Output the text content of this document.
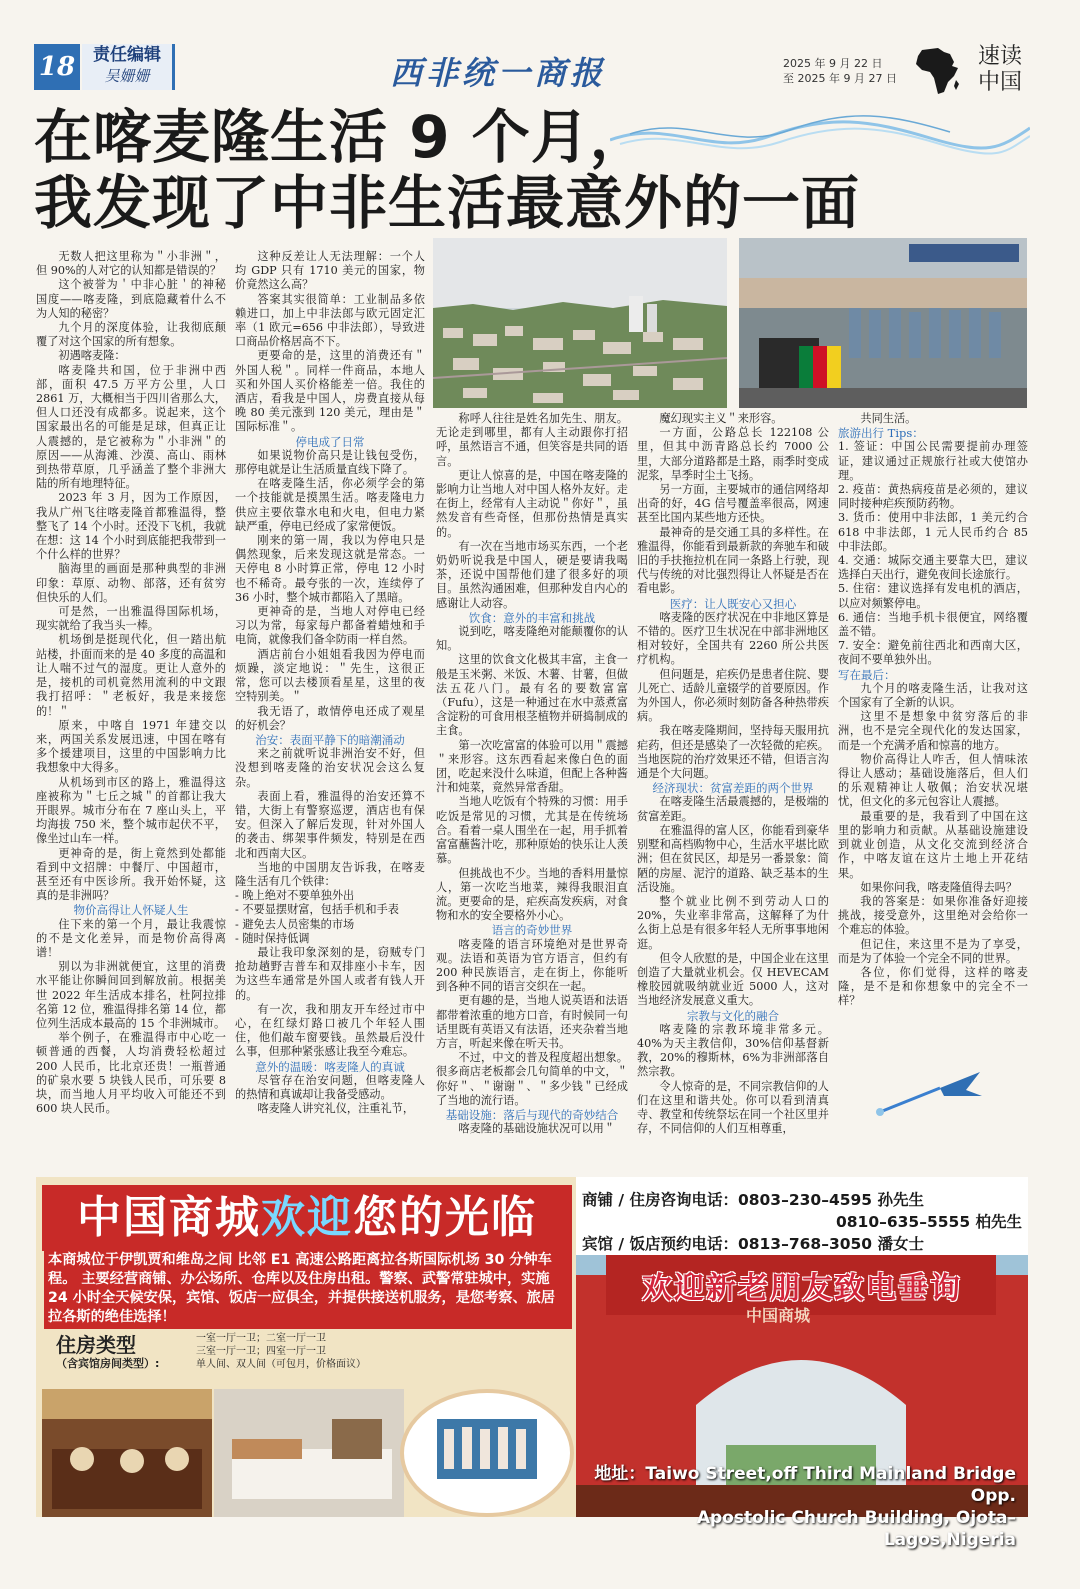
18	责任编辑
吴姗姗	西非统一商报	2025 年 9 月 22 日
至 2025 年 9 月 27 日
速读
中国
在喀麦隆生活 9 个月，
我发现了中非生活最意外的一面

无数人把这里称为＂小非洲＂，但 90%的人对它的认知都是错误的？

这个被誉为＇中非心脏＇的神秘国度——喀麦隆，到底隐藏着什么不为人知的秘密？

九个月的深度体验，让我彻底颠覆了对这个国家的所有想象。

初遇喀麦隆：

喀麦隆共和国，位于非洲中西部，面积 47.5 万平方公里，人口 2861 万，大概相当于四川省那么大，但人口还没有成都多。说起来，这个国家最出名的可能是足球，但真正让人震撼的，是它被称为＂小非洲＂的原因——从海滩、沙漠、高山、雨林到热带草原，几乎涵盖了整个非洲大陆的所有地理特征。

2023 年 3 月，因为工作原因，我从广州飞往喀麦隆首都雅温得，整整飞了 14 个小时。还没下飞机，我就在想：这 14 个小时到底能把我带到一个什么样的世界？

脑海里的画面是那种典型的非洲印象：草原、动物、部落，还有贫穷但快乐的人们。

可是然，一出雅温得国际机场，现实就给了我当头一棒。

机场倒是挺现代化，但一踏出航站楼，扑面而来的是 40 多度的高温和让人喘不过气的湿度。更让人意外的是，接机的司机竟然用流利的中文跟我打招呼：＂老板好，我是来接您的！＂

原来，中喀自 1971 年建交以来，两国关系发展迅速，中国在喀有多个援建项目，这里的中国影响力比我想象中大得多。

从机场到市区的路上，雅温得这座被称为＂七丘之城＂的首都让我大开眼界。城市分布在 7 座山头上，平均海拔 750 米，整个城市起伏不平，像坐过山车一样。

更神奇的是，街上竟然到处都能看到中文招牌：中餐厅、中国超市，甚至还有中医诊所。我开始怀疑，这真的是非洲吗？

物价高得让人怀疑人生

住下来的第一个月，最让我震惊的不是文化差异，而是物价高得离谱！

别以为非洲就便宜，这里的消费水平能让你瞬间回到解放前。根据美世 2022 年生活成本排名，杜阿拉排名第 12 位，雅温得排名第 14 位，都位列生活成本最高的 15 个非洲城市。

举个例子，在雅温得市中心吃一顿普通的西餐，人均消费轻松超过 200 人民币，比北京还贵！一瓶普通的矿泉水要 5 块钱人民币，可乐要 8 块，而当地人月平均收入可能还不到 600 块人民币。

这种反差让人无法理解：一个人均 GDP 只有 1710 美元的国家，物价竟然这么高？

答案其实很简单：工业制品多依赖进口，加上中非法郎与欧元固定汇率（1 欧元=656 中非法郎），导致进口商品价格居高不下。

更要命的是，这里的消费还有＂外国人税＂。同样一件商品，本地人买和外国人买价格能差一倍。我住的酒店，看我是中国人，房费直接从每晚 80 美元涨到 120 美元，理由是＂国际标准＂。

停电成了日常

如果说物价高只是让钱包受伤，那停电就是让生活质量直线下降了。

在喀麦隆生活，你必须学会的第一个技能就是摸黑生活。喀麦隆电力供应主要依靠水电和火电，但电力紧缺严重，停电已经成了家常便饭。

刚来的第一周，我以为停电只是偶然现象，后来发现这就是常态。一天停电 8 小时算正常，停电 12 小时也不稀奇。最夸张的一次，连续停了 36 小时，整个城市都陷入了黑暗。

更神奇的是，当地人对停电已经习以为常，每家每户都备着蜡烛和手电筒，就像我们备伞防雨一样自然。

酒店前台小姐姐看我因为停电而烦躁，淡定地说：＂先生，这很正常，您可以去楼顶看星星，这里的夜空特别美。＂

我无语了，敢情停电还成了观星的好机会？

治安：表面平静下的暗潮涌动

来之前就听说非洲治安不好，但没想到喀麦隆的治安状况会这么复杂。

表面上看，雅温得的治安还算不错，大街上有警察巡逻，酒店也有保安。但深入了解后发现，针对外国人的袭击、绑架事件频发，特别是在西北和西南大区。

当地的中国朋友告诉我，在喀麦隆生活有几个铁律：

- 晚上绝对不要单独外出

- 不要显摆财富，包括手机和手表

- 避免去人员密集的市场

- 随时保持低调

最让我印象深刻的是，窃贼专门抢劫趟野吉普车和双排座小卡车，因为这些车通常是外国人或者有钱人开的。

有一次，我和朋友开车经过市中心，在红绿灯路口被几个年轻人围住，他们敲车窗要钱。虽然最后没什么事，但那种紧张感让我至今难忘。

意外的温暖：喀麦隆人的真诚

尽管存在治安问题，但喀麦隆人的热情和真诚却让我备受感动。

喀麦隆人讲究礼仪，注重礼节，

称呼人往往是姓名加先生、朋友。无论走到哪里，都有人主动跟你打招呼，虽然语言不通，但笑容是共同的语言。

更让人惊喜的是，中国在喀麦隆的影响力让当地人对中国人格外友好。走在街上，经常有人主动说＂你好＂，虽然发音有些奇怪，但那份热情是真实的。

有一次在当地市场买东西，一个老奶奶听说我是中国人，硬是要请我喝茶，还说中国帮他们建了很多好的项目。虽然沟通困难，但那种发自内心的感谢让人动容。

饮食：意外的丰富和挑战

说到吃，喀麦隆绝对能颠覆你的认知。

这里的饮食文化极其丰富，主食一般是玉米粥、米饭、木薯、甘薯，但做法五花八门。最有名的要数富富（Fufu），这是一种通过在水中蒸煮富含淀粉的可食用根茎植物并研捣制成的主食。

第一次吃富富的体验可以用＂震撼＂来形容。这东西看起来像白色的面团，吃起来没什么味道，但配上各种酱汁和炖菜，竟然异常香甜。

当地人吃饭有个特殊的习惯：用手吃饭是常见的习惯，尤其是在传统场合。看着一桌人围坐在一起，用手抓着富富蘸酱汁吃，那种原始的快乐让人羡慕。

但挑战也不少。当地的香料用量惊人，第一次吃当地菜，辣得我眼泪直流。更要命的是，疟疾高发疾病，对食物和水的安全要格外小心。

语言的奇妙世界

喀麦隆的语言环境绝对是世界奇观。法语和英语为官方语言，但约有 200 种民族语言，走在街上，你能听到各种不同的语言交织在一起。

更有趣的是，当地人说英语和法语都带着浓重的地方口音，有时候同一句话里既有英语又有法语，还夹杂着当地方言，听起来像在听天书。

不过，中文的普及程度超出想象。很多商店老板都会几句简单的中文，＂你好＂、＂谢谢＂、＂多少钱＂已经成了当地的流行语。

基础设施：落后与现代的奇妙结合

喀麦隆的基础设施状况可以用＂

魔幻现实主义＂来形容。

一方面，公路总长 122108 公里，但其中沥青路总长约 7000 公里，大部分道路都是土路，雨季时变成泥浆，旱季时尘土飞扬。

另一方面，主要城市的通信网络却出奇的好，4G 信号覆盖率很高，网速甚至比国内某些地方还快。

最神奇的是交通工具的多样性。在雅温得，你能看到最新款的奔驰车和破旧的手扶拖拉机在同一条路上行驶，现代与传统的对比强烈得让人怀疑是否在看电影。

医疗：让人既安心又担心

喀麦隆的医疗状况在中非地区算是不错的。医疗卫生状况在中部非洲地区相对较好，全国共有 2260 所公共医疗机构。

但问题是，疟疾仍是患者住院、婴儿死亡、适龄儿童辍学的首要原因。作为外国人，你必须时刻防备各种热带疾病。

我在喀麦隆期间，坚持每天服用抗疟药，但还是感染了一次轻微的疟疾。当地医院的治疗效果还不错，但语言沟通是个大问题。

经济现状：贫富差距的两个世界

在喀麦隆生活最震撼的，是极端的贫富差距。

在雅温得的富人区，你能看到豪华别墅和高档购物中心，生活水平堪比欧洲；但在贫民区，却是另一番景象：简陋的房屋、泥泞的道路、缺乏基本的生活设施。

整个就业比例不到劳动人口的 20%，失业率非常高，这解释了为什么街上总是有很多年轻人无所事事地闲逛。

但令人欣慰的是，中国企业在这里创造了大量就业机会。仅 HEVECAM 橡胶园就吸纳就业近 5000 人，这对当地经济发展意义重大。

宗教与文化的融合

喀麦隆的宗教环境非常多元。40%为天主教信仰，30%信仰基督新教，20%的穆斯林，6%为非洲部落自然宗教。

令人惊奇的是，不同宗教信仰的人们在这里和谐共处。你可以看到清真寺、教堂和传统祭坛在同一个社区里并存，不同信仰的人们互相尊重，

共同生活。

旅游出行 Tips：

1. 签证：中国公民需要提前办理签证，建议通过正规旅行社或大使馆办理。

2. 疫苗：黄热病疫苗是必须的，建议同时接种疟疾预防药物。

3. 货币：使用中非法郎，1 美元约合 618 中非法郎，1 元人民币约合 85 中非法郎。

4. 交通：城际交通主要靠大巴，建议选择白天出行，避免夜间长途旅行。

5. 住宿：建议选择有发电机的酒店，以应对频繁停电。

6. 通信：当地手机卡很便宜，网络覆盖不错。

7. 安全：避免前往西北和西南大区，夜间不要单独外出。

写在最后：

九个月的喀麦隆生活，让我对这个国家有了全新的认识。

这里不是想象中贫穷落后的非洲，也不是完全现代化的发达国家，而是一个充满矛盾和惊喜的地方。

物价高得让人咋舌，但人情味浓得让人感动；基础设施落后，但人们的乐观精神让人敬佩；治安状况堪忧，但文化的多元包容让人震撼。

最重要的是，我看到了中国在这里的影响力和贡献。从基础设施建设到就业创造，从文化交流到经济合作，中喀友谊在这片土地上开花结果。

如果你问我，喀麦隆值得去吗？

我的答案是：如果你准备好迎接挑战，接受意外，这里绝对会给你一个难忘的体验。

但记住，来这里不是为了享受，而是为了体验一个完全不同的世界。

各位，你们觉得，这样的喀麦隆，是不是和你想象中的完全不一样？

中国商城欢迎您的光临
本商城位于伊凯贾和维岛之间 比邻 E1 高速公路距离拉各斯国际机场 30 分钟车程。 主要经营商铺、办公场所、仓库以及住房出租。警察、武警常驻城中，实施 24 小时全天候安保，宾馆、饭店一应俱全，并提供接送机服务，是您考察、旅居拉各斯的绝佳选择！
住房类型
（含宾馆房间类型）:
一室一厅一卫；二室一厅一卫
三室一厅一卫；四室一厅一卫
单人间、双人间（可包月，价格面议）
商铺 / 住房咨询电话：0803–230–4595 孙先生
0810–635–5555 柏先生
宾馆 / 饭店预约电话：0813–768–3050 潘女士
欢迎新老朋友致电垂询
中国商城
地址：Taiwo Street,off Third Mainland Bridge Opp.
Apostolic Church Building, Ojota–Lagos,Nigeria
